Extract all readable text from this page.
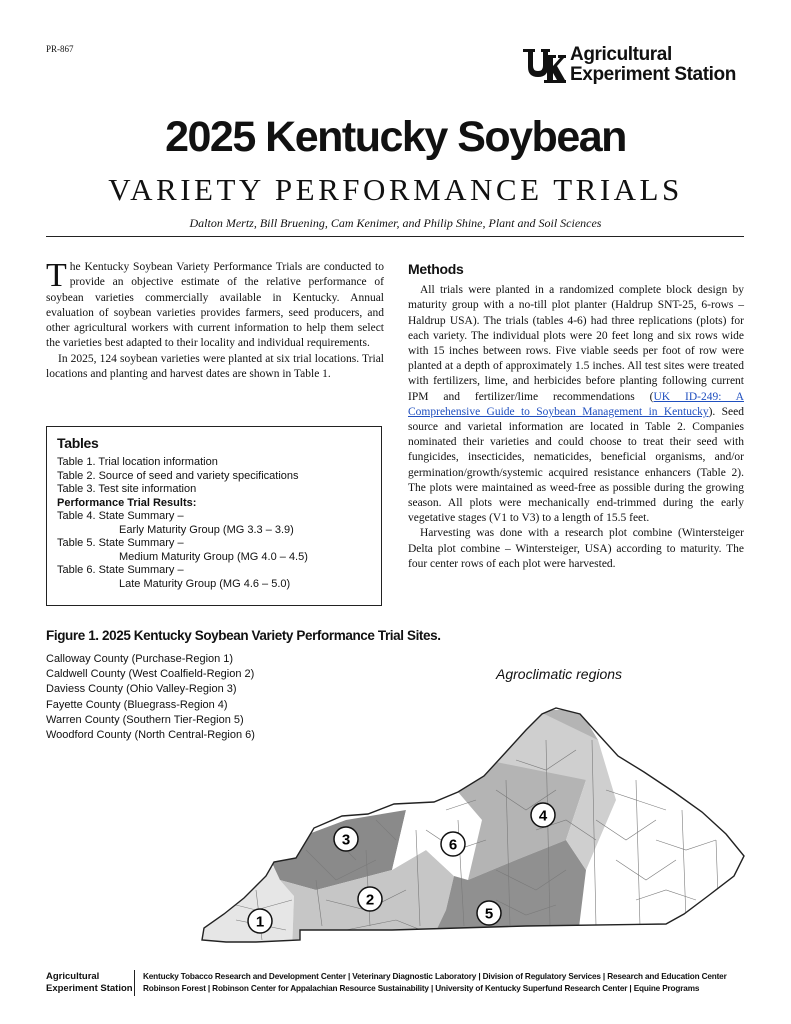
PR-867	Agricultural
Experiment Station
2025 Kentucky Soybean
VARIETY PERFORMANCE TRIALS
Dalton Mertz, Bill Bruening, Cam Kenimer, and Philip Shine, Plant and Soil Sciences

The Kentucky Soybean Variety Performance Trials are conducted to provide an objective estimate of the relative performance of soybean varieties commercially available in Kentucky. Annual evaluation of soybean varieties provides farmers, seed producers, and other agricultural workers with current information to help them select the varieties best adapted to their locality and individual requirements.

In 2025, 124 soybean varieties were planted at six trial locations. Trial locations and planting and harvest dates are shown in Table 1.

Tables
Table 1. Trial location information
Table 2. Source of seed and variety specifications
Table 3. Test site information
Performance Trial Results:
Table 4. State Summary –
Early Maturity Group (MG 3.3 – 3.9)
Table 5. State Summary –
Medium Maturity Group (MG 4.0 – 4.5)
Table 6. State Summary –
Late Maturity Group (MG 4.6 – 5.0)
Methods

All trials were planted in a randomized complete block design by maturity group with a no-till plot planter (Haldrup SNT-25, 6-rows – Haldrup USA). The trials (tables 4-6) had three replications (plots) for each variety. The individual plots were 20 feet long and six rows wide with 15 inches between rows. Five viable seeds per foot of row were planted at a depth of approximately 1.5 inches. All test sites were treated with fertilizers, lime, and herbicides before planting following current IPM and fertilizer/lime recommendations (UK ID-249: A Comprehensive Guide to Soybean Management in Kentucky). Seed source and varietal information are located in Table 2. Companies nominated their varieties and could choose to treat their seed with fungicides, insecticides, nematicides, beneficial organisms, and/or germination/growth/systemic acquired resistance enhancers (Table 2). The plots were maintained as weed-free as possible during the growing season. All plots were mechanically end-trimmed during the early vegetative stages (V1 to V3) to a length of 15.5 feet.

Harvesting was done with a research plot combine (Wintersteiger Delta plot combine – Wintersteiger, USA) according to maturity. The four center rows of each plot were harvested.

Figure 1. 2025 Kentucky Soybean Variety Performance Trial Sites.
Calloway County (Purchase-Region 1)
Caldwell County (West Coalfield-Region 2)
Daviess County (Ohio Valley-Region 3)
Fayette County (Bluegrass-Region 4)
Warren County (Southern Tier-Region 5)
Woodford County (North Central-Region 6)
Agroclimatic regions
1
2
3
4
5
6
Agricultural
Experiment Station
Kentucky Tobacco Research and Development Center | Veterinary Diagnostic Laboratory | Division of Regulatory Services | Research and Education Center
Robinson Forest | Robinson Center for Appalachian Resource Sustainability | University of Kentucky Superfund Research Center | Equine Programs
